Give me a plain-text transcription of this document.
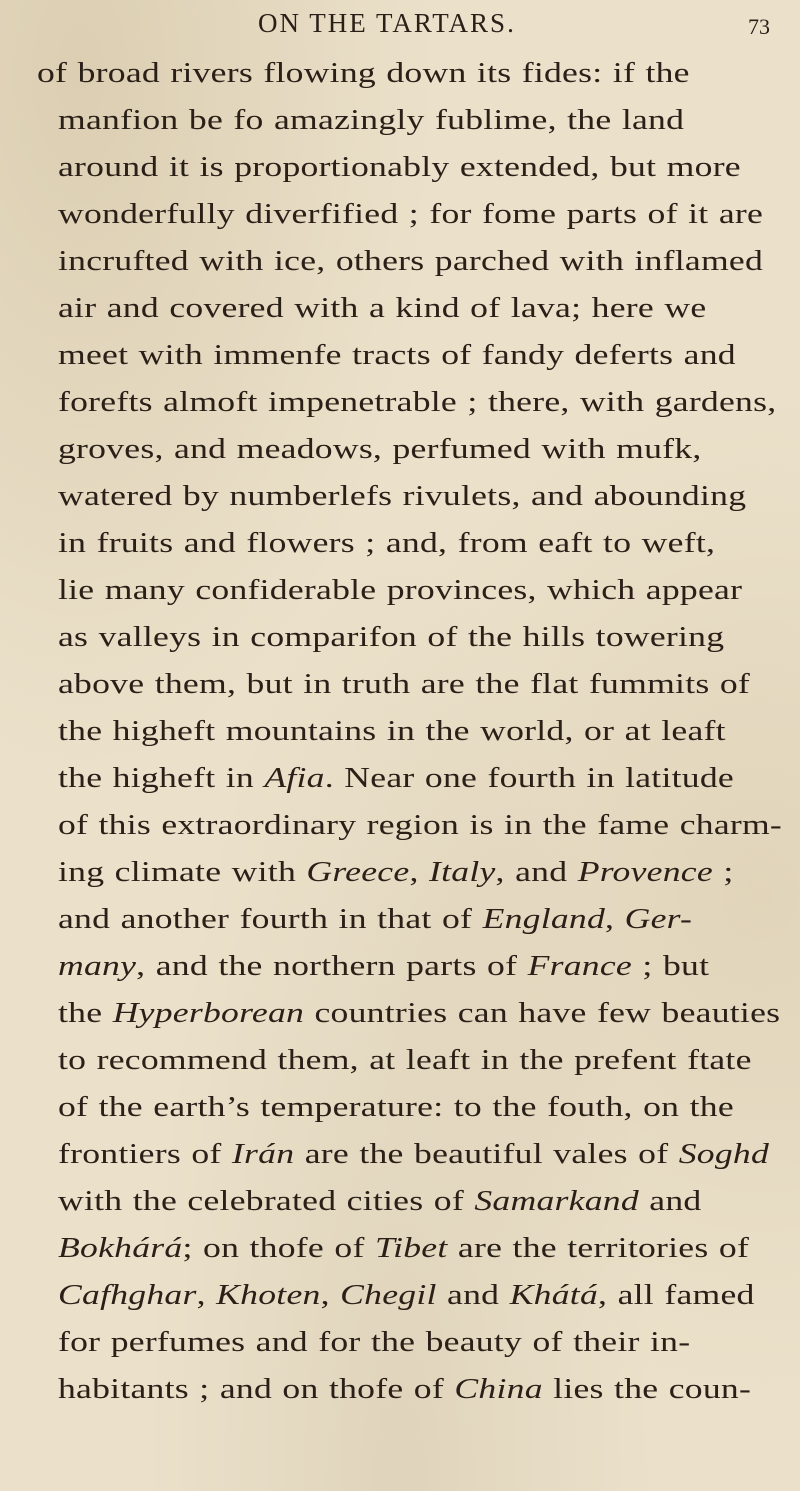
ON THE TARTARS.	73
of broad rivers flowing down its fides: if the
manfion be fo amazingly fublime, the land
around it is proportionably extended, but more
wonderfully diverfified ; for fome parts of it are
incrufted with ice, others parched with inflamed
air and covered with a kind of lava; here we
meet with immenfe tracts of fandy deferts and
forefts almoft impenetrable ; there, with gardens,
groves, and meadows, perfumed with mufk,
watered by numberlefs rivulets, and abounding
in fruits and flowers ; and, from eaft to weft,
lie many confiderable provinces, which appear
as valleys in comparifon of the hills towering
above them, but in truth are the flat fummits of
the higheft mountains in the world, or at leaft
the higheft in Afia. Near one fourth in latitude
of this extraordinary region is in the fame charm-
ing climate with Greece, Italy, and Provence ;
and another fourth in that of England, Ger-
many, and the northern parts of France ; but
the Hyperborean countries can have few beauties
to recommend them, at leaft in the prefent ftate
of the earth’s temperature: to the fouth, on the
frontiers of Irán are the beautiful vales of Soghd
with the celebrated cities of Samarkand and
Bokhárá; on thofe of Tibet are the territories of
Cafhghar, Khoten, Chegil and Khátá, all famed
for perfumes and for the beauty of their in-
habitants ; and on thofe of China lies the coun-
